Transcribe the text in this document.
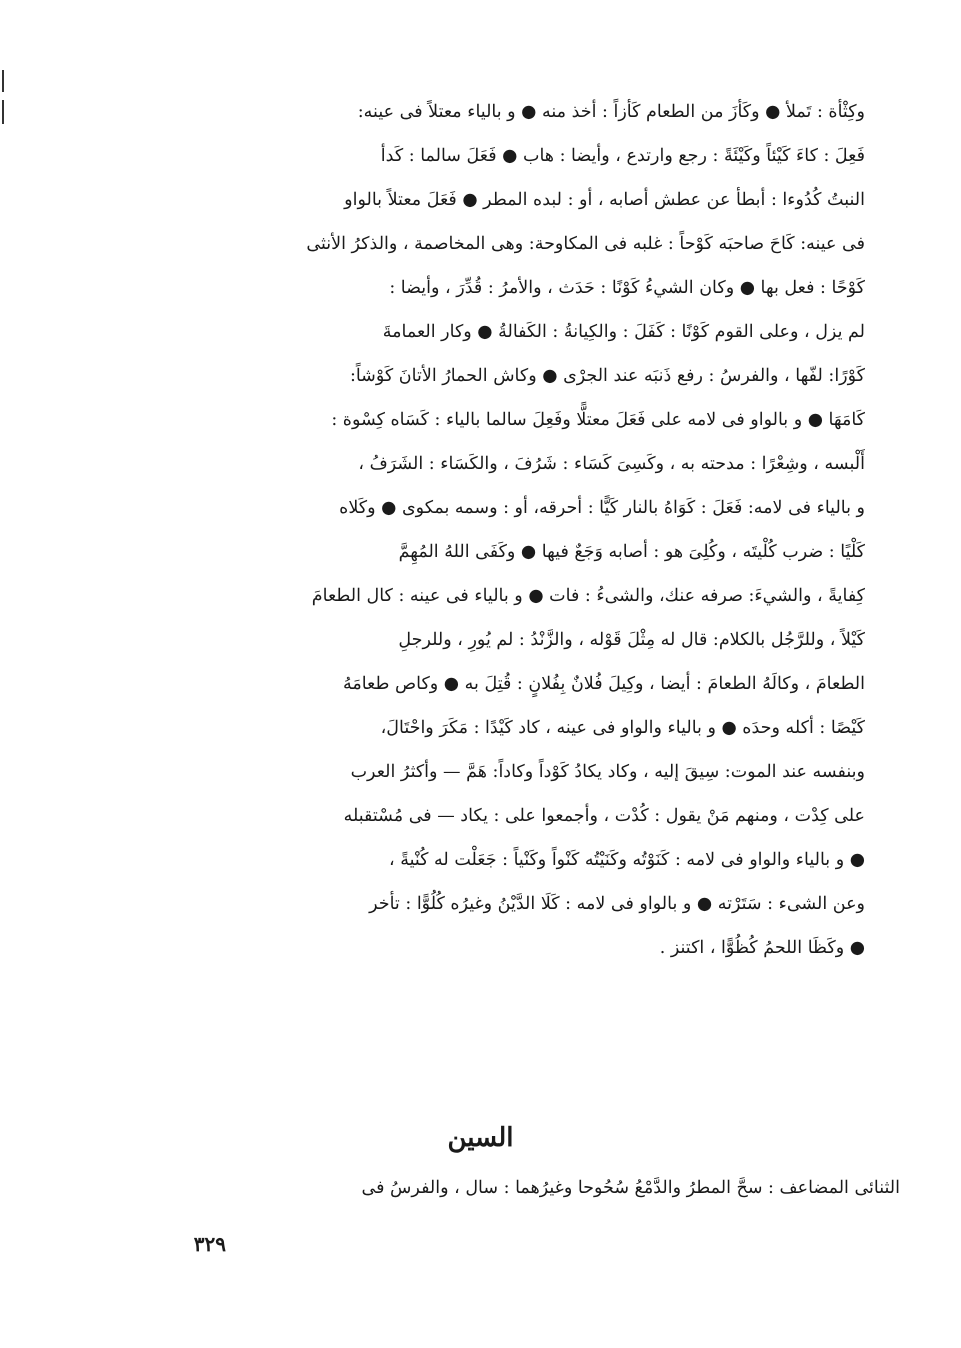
وكِثْأة : تَملأ ● وكَأزَ من الطعام كَأزاً : أخذ منه ● و بالياء معتلاً فى عينه:
فَعِلَ : كاءَ كَيْئاً وكَيْئَةً : رجع وارتدع ، وأيضا : هاب ● فَعَلَ سالما : كَدأ
النبتُ كُدُوءا : أبطأ عن عطش أصابه ، أو : لبده المطر ● فَعَلَ معتلاً بالواو
فى عينه: كَاحَ صاحبَه كَوْحاً : غلبه فى المكاوحة: وهى المخاصمة ، والذكرُ الأنثى
كَوْحًا : فعل بها ● وكان الشيءُ كَوْنًا : حَدَث ، والأمرُ : قُدِّرَ ، وأيضا :
لم يزل ، وعلى القوم كَوْنًا : كَفَلَ : والكِيانةُ : الكَفالةُ ● وكار العمامةَ
كَوْرًا: لفّها ، والفرسُ : رفع ذَنبَه عند الجرْى ● وكاش الحمارُ الأتانَ كَوْشاً:
كَامَهَا ● و بالواو فى لامه على فَعَلَ معتلًّا وفَعِلَ سالما بالياء : كَسَاه كِسْوة :
أَلْبسه ، وشِعْرًا : مدحته به ، وكَسِىَ كَسَاء : شَرُفَ ، والكَسَاء : الشَرَفُ ،
و بالياء فى لامه: فَعَلَ : كَوَاهُ بالنار كَيًّا : أحرقه، أو : وسمه بمكوى ● وكَلاه
كَلْيًا : ضرب كُلْيتَه ، وكُلِىَ هو : أصابه وَجَعٌ فيها ● وكَفَى اللهُ المُهِمَّ
كِفايةً ، والشيءَ: صرفه عنك، والشىءُ : فات ● و بالياء فى عينه : كال الطعامَ
كَيْلاً ، وللرَّجُل بالكلام: قال له مِثْلَ قَوْله ، والزَّنْدُ : لم يُورِ ، وللرجلِ
الطعامَ ، وكالَهُ الطعامَ : أيضا ، وكِيلَ فُلانٌ بِفُلانٍ : قُتِلَ به ● وكاص طعامَهُ
كَيْصًا : أكله وحدَه ● و بالياء والواو فى عينه ، كاد كَيْدًا : مَكَرَ واحْتَالَ،
وبنفسه عند الموت: سِيقَ إليه ، وكاد يكادُ كَوْداً وكاداً: هَمَّ — وأكثرُ العرب
على كِدْت ، ومنهم مَنْ يقول : كُدْت ، وأجمعوا على : يكاد — فى مُسْتقبله
● و بالياء والواو فى لامه : كَنَوْتُه وكَنَيْتُه كَنْواً وكَنْياً : جَعَلْت له كُنْيةً ،
وعن الشىء : سَتَرْته ● و بالواو فى لامه : كَلَا الدَّيْنُ وغيرُه كُلُوًّا : تأخر
● وكَظَا اللحمُ كُظُوًّا ، اكتنز .
السين
الثنائى المضاعف : سحَّ المطرُ والدَّمْعُ سُحُوحا وغيرُهما : سال ، والفرسُ فى
٣٢٩
